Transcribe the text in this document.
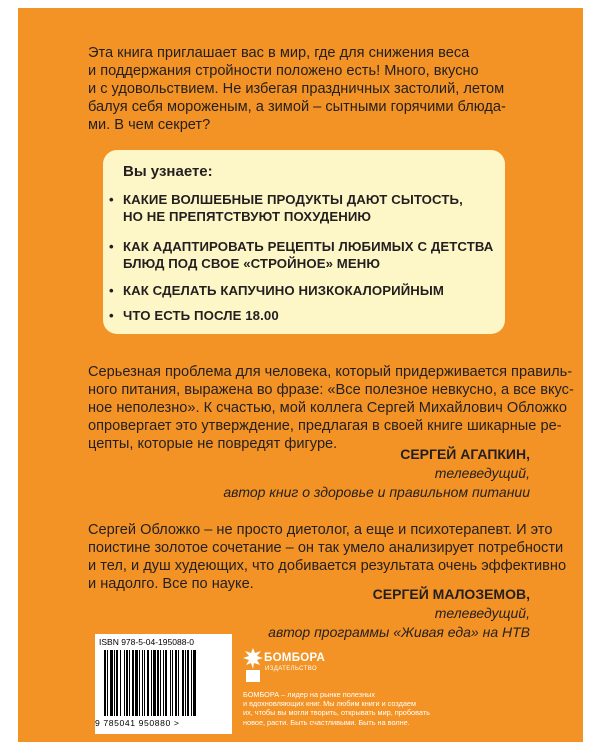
Эта книга приглашает вас в мир, где для снижения веса
и поддержания стройности положено есть! Много, вкусно
и с удовольствием. Не избегая праздничных застолий, летом
балуя себя мороженым, а зимой – сытными горячими блюда-
ми. В чем секрет?
Вы узнаете:
• КАКИЕ ВОЛШЕБНЫЕ ПРОДУКТЫ ДАЮТ СЫТОСТЬ,
НО НЕ ПРЕПЯТСТВУЮТ ПОХУДЕНИЮ
• КАК АДАПТИРОВАТЬ РЕЦЕПТЫ ЛЮБИМЫХ С ДЕТСТВА
БЛЮД ПОД СВОЕ «СТРОЙНОЕ» МЕНЮ
• КАК СДЕЛАТЬ КАПУЧИНО НИЗКОКАЛОРИЙНЫМ
• ЧТО ЕСТЬ ПОСЛЕ 18.00
Серьезная проблема для человека, который придерживается правиль-
ного питания, выражена во фразе: «Все полезное невкусно, а все вкус-
ное неполезно». К счастью, мой коллега Сергей Михайлович Обложко
опровергает это утверждение, предлагая в своей книге шикарные ре-
цепты, которые не повредят фигуре.
СЕРГЕЙ АГАПКИН,
телеведущий,
автор книг о здоровье и правильном питании
Сергей Обложко – не просто диетолог, а еще и психотерапевт. И это
поистине золотое сочетание – он так умело анализирует потребности
и тел, и душ худеющих, что добивается результата очень эффективно
и надолго. Все по науке.
СЕРГЕЙ МАЛОЗЕМОВ,
телеведущий,
автор программы «Живая еда» на НТВ
ISBN 978-5-04-195088-0
9 785041 950880 >
БОМБОРА
ИЗДАТЕЛЬСТВО
БОМБОРА – лидер на рынке полезных
и вдохновляющих книг. Мы любим книги и создаем
их, чтобы вы могли творить, открывать мир, пробовать
новое, расти. Быть счастливыми. Быть на волне.
